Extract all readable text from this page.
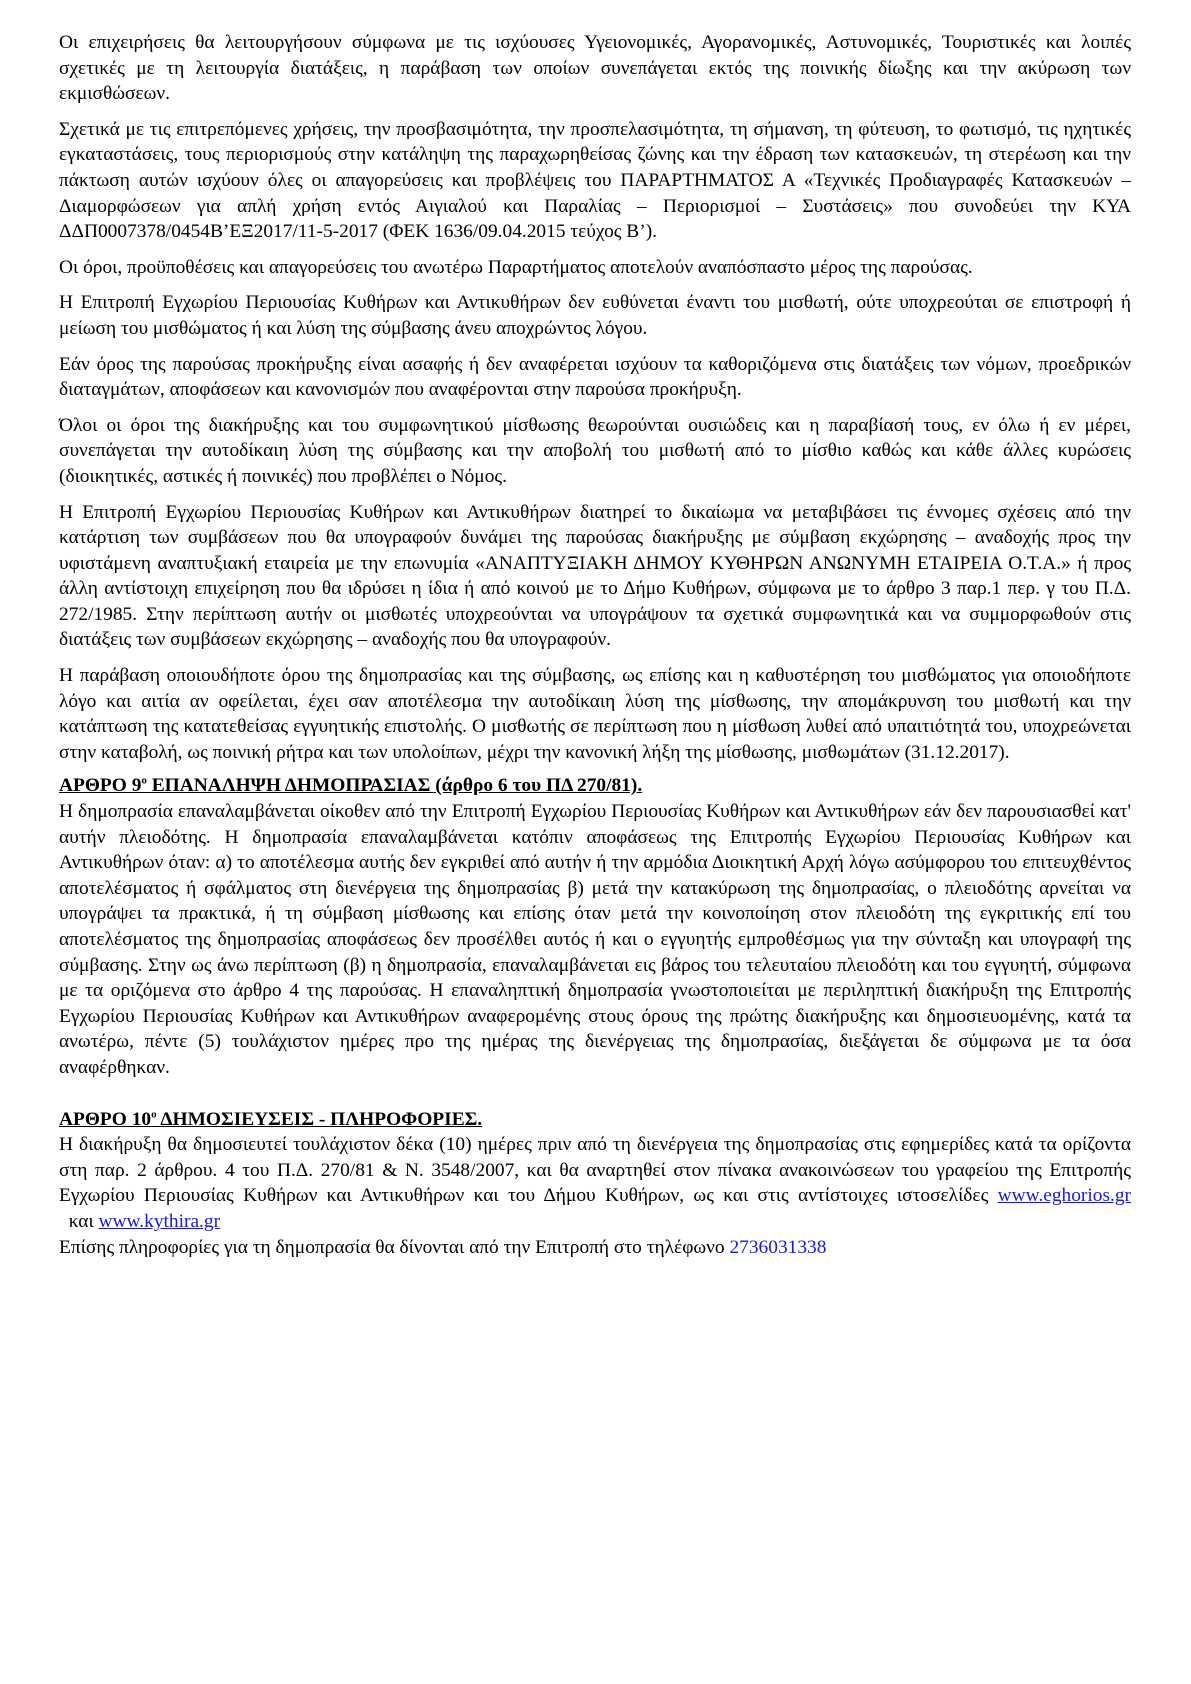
Οι επιχειρήσεις θα λειτουργήσουν σύμφωνα με τις ισχύουσες Υγειονομικές, Αγορανομικές, Αστυνομικές, Τουριστικές και λοιπές σχετικές με τη λειτουργία διατάξεις, η παράβαση των οποίων συνεπάγεται εκτός της ποινικής δίωξης και την ακύρωση των εκμισθώσεων.

Σχετικά με τις επιτρεπόμενες χρήσεις, την προσβασιμότητα, την προσπελασιμότητα, τη σήμανση, τη φύτευση, το φωτισμό, τις ηχητικές εγκαταστάσεις, τους περιορισμούς στην κατάληψη της παραχωρηθείσας ζώνης και την έδραση των κατασκευών, τη στερέωση και την πάκτωση αυτών ισχύουν όλες οι απαγορεύσεις και προβλέψεις του ΠΑΡΑΡΤΗΜΑΤΟΣ Α «Τεχνικές Προδιαγραφές Κατασκευών – Διαμορφώσεων για απλή χρήση εντός Αιγιαλού και Παραλίας – Περιορισμοί – Συστάσεις» που συνοδεύει την ΚΥΑ ΔΔΠ0007378/0454Β’ΕΞ2017/11-5-2017 (ΦΕΚ 1636/09.04.2015 τεύχος Β’).

Οι όροι, προϋποθέσεις και απαγορεύσεις του ανωτέρω Παραρτήματος αποτελούν αναπόσπαστο μέρος της παρούσας.

Η Επιτροπή Εγχωρίου Περιουσίας Κυθήρων και Αντικυθήρων δεν ευθύνεται έναντι του μισθωτή, ούτε υποχρεούται σε επιστροφή ή μείωση του μισθώματος ή και λύση της σύμβασης άνευ αποχρώντος λόγου.

Εάν όρος της παρούσας προκήρυξης είναι ασαφής ή δεν αναφέρεται ισχύουν τα καθοριζόμενα στις διατάξεις των νόμων, προεδρικών διαταγμάτων, αποφάσεων και κανονισμών που αναφέρονται στην παρούσα προκήρυξη.

Όλοι οι όροι της διακήρυξης και του συμφωνητικού μίσθωσης θεωρούνται ουσιώδεις και η παραβίασή τους, εν όλω ή εν μέρει, συνεπάγεται την αυτοδίκαιη λύση της σύμβασης και την αποβολή του μισθωτή από το μίσθιο καθώς και κάθε άλλες κυρώσεις (διοικητικές, αστικές ή ποινικές) που προβλέπει ο Νόμος.

Η Επιτροπή Εγχωρίου Περιουσίας Κυθήρων και Αντικυθήρων διατηρεί το δικαίωμα να μεταβιβάσει τις έννομες σχέσεις από την κατάρτιση των συμβάσεων που θα υπογραφούν δυνάμει της παρούσας διακήρυξης με σύμβαση εκχώρησης – αναδοχής προς την υφιστάμενη αναπτυξιακή εταιρεία με την επωνυμία «ΑΝΑΠΤΥΞΙΑΚΗ ΔΗΜΟΥ ΚΥΘΗΡΩΝ ΑΝΩΝΥΜΗ ΕΤΑΙΡΕΙΑ Ο.Τ.Α.» ή προς άλλη αντίστοιχη επιχείρηση που θα ιδρύσει η ίδια ή από κοινού με το Δήμο Κυθήρων, σύμφωνα με το άρθρο 3 παρ.1 περ. γ του Π.Δ. 272/1985. Στην περίπτωση αυτήν οι μισθωτές υποχρεούνται να υπογράψουν τα σχετικά συμφωνητικά και να συμμορφωθούν στις διατάξεις των συμβάσεων εκχώρησης – αναδοχής που θα υπογραφούν.

Η παράβαση οποιουδήποτε όρου της δημοπρασίας και της σύμβασης, ως επίσης και η καθυστέρηση του μισθώματος για οποιοδήποτε λόγο και αιτία αν οφείλεται, έχει σαν αποτέλεσμα την αυτοδίκαιη λύση της μίσθωσης, την απομάκρυνση του μισθωτή και την κατάπτωση της κατατεθείσας εγγυητικής επιστολής. Ο μισθωτής σε περίπτωση που η μίσθωση λυθεί από υπαιτιότητά του, υποχρεώνεται στην καταβολή, ως ποινική ρήτρα και των υπολοίπων, μέχρι την κανονική λήξη της μίσθωσης, μισθωμάτων (31.12.2017).

ΑΡΘΡΟ $9^o$ ΕΠΑΝΑΛΗΨΗ ΔΗΜΟΠΡΑΣΙΑΣ (άρθρο 6 του ΠΔ 270/81).

Η δημοπρασία επαναλαμβάνεται οίκοθεν από την Επιτροπή Εγχωρίου Περιουσίας Κυθήρων και Αντικυθήρων εάν δεν παρουσιασθεί κατ' αυτήν πλειοδότης. Η δημοπρασία επαναλαμβάνεται κατόπιν αποφάσεως της Επιτροπής Εγχωρίου Περιουσίας Κυθήρων και Αντικυθήρων όταν: α) το αποτέλεσμα αυτής δεν εγκριθεί από αυτήν ή την αρμόδια Διοικητική Αρχή λόγω ασύμφορου του επιτευχθέντος αποτελέσματος ή σφάλματος στη διενέργεια της δημοπρασίας β) μετά την κατακύρωση της δημοπρασίας, ο πλειοδότης αρνείται να υπογράψει τα πρακτικά, ή τη σύμβαση μίσθωσης και επίσης όταν μετά την κοινοποίηση στον πλειοδότη της εγκριτικής επί του αποτελέσματος της δημοπρασίας αποφάσεως δεν προσέλθει αυτός ή και ο εγγυητής εμπροθέσμως για την σύνταξη και υπογραφή της σύμβασης. Στην ως άνω περίπτωση (β) η δημοπρασία, επαναλαμβάνεται εις βάρος του τελευταίου πλειοδότη και του εγγυητή, σύμφωνα με τα οριζόμενα στο άρθρο 4 της παρούσας. Η επαναληπτική δημοπρασία γνωστοποιείται με περιληπτική διακήρυξη της Επιτροπής Εγχωρίου Περιουσίας Κυθήρων και Αντικυθήρων αναφερομένης στους όρους της πρώτης διακήρυξης και δημοσιευομένης, κατά τα ανωτέρω, πέντε (5) τουλάχιστον ημέρες προ της ημέρας της διενέργειας της δημοπρασίας, διεξάγεται δε σύμφωνα με τα όσα αναφέρθηκαν.

ΑΡΘΡΟ $10^o$ ΔΗΜΟΣΙΕΥΣΕΙΣ - ΠΛΗΡΟΦΟΡΙΕΣ.

Η διακήρυξη θα δημοσιευτεί τουλάχιστον δέκα (10) ημέρες πριν από τη διενέργεια της δημοπρασίας στις εφημερίδες κατά τα ορίζοντα στη παρ. 2 άρθρου. 4 του Π.Δ. 270/81 & Ν. 3548/2007, και θα αναρτηθεί στον πίνακα ανακοινώσεων του γραφείου της Επιτροπής Εγχωρίου Περιουσίας Κυθήρων και Αντικυθήρων και του Δήμου Κυθήρων, ως και στις αντίστοιχες ιστοσελίδες www.eghorios.gr  και www.kythira.gr

Επίσης πληροφορίες για τη δημοπρασία θα δίνονται από την Επιτροπή στο τηλέφωνο 2736031338
